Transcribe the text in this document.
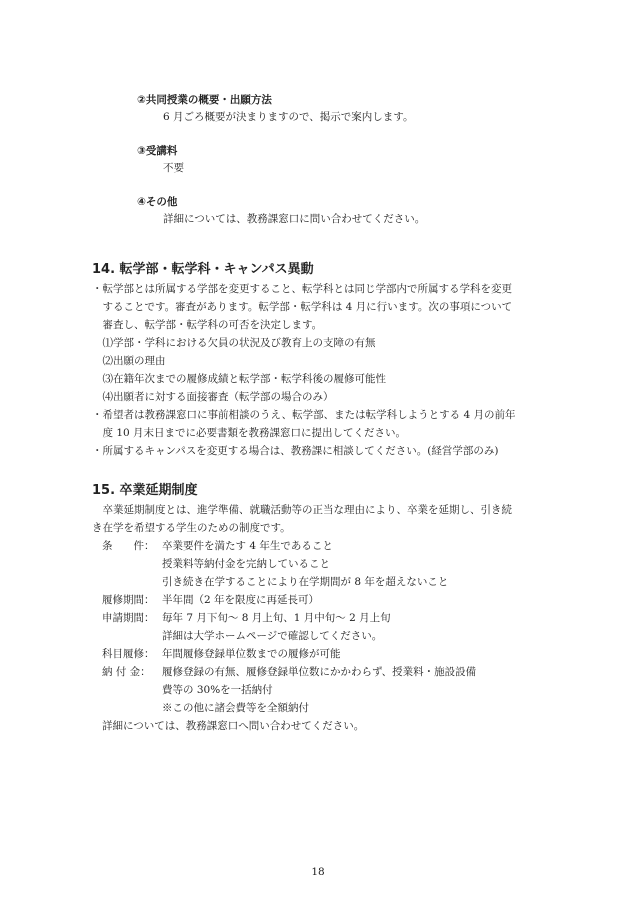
②共同授業の概要・出願方法
6 月ごろ概要が決まりますので、掲示で案内します。
③受講料
不要
④その他
詳細については、教務課窓口に問い合わせてください。
14. 転学部・転学科・キャンパス異動
・転学部とは所属する学部を変更すること、転学科とは同じ学部内で所属する学科を変更
　することです。審査があります。転学部・転学科は 4 月に行います。次の事項について
　審査し、転学部・転学科の可否を決定します。
　⑴学部・学科における欠員の状況及び教育上の支障の有無
　⑵出願の理由
　⑶在籍年次までの履修成績と転学部・転学科後の履修可能性
　⑷出願者に対する面接審査（転学部の場合のみ）
・希望者は教務課窓口に事前相談のうえ、転学部、または転学科しようとする 4 月の前年
　度 10 月末日までに必要書類を教務課窓口に提出してください。
・所属するキャンパスを変更する場合は、教務課に相談してください。(経営学部のみ)
15. 卒業延期制度
　卒業延期制度とは、進学準備、就職活動等の正当な理由により、卒業を延期し、引き続
き在学を希望する学生のための制度です。
条　　件： 卒業要件を満たす 4 年生であること
授業料等納付金を完納していること
引き続き在学することにより在学期間が 8 年を超えないこと
履修期間： 半年間（2 年を限度に再延長可）
申請期間： 毎年 7 月下旬～ 8 月上旬、1 月中旬～ 2 月上旬
詳細は大学ホームページで確認してください。
科目履修： 年間履修登録単位数までの履修が可能
納 付 金： 履修登録の有無、履修登録単位数にかかわらず、授業料・施設設備
費等の 30%を一括納付
※この他に諸会費等を全額納付
詳細については、教務課窓口へ問い合わせてください。
18
